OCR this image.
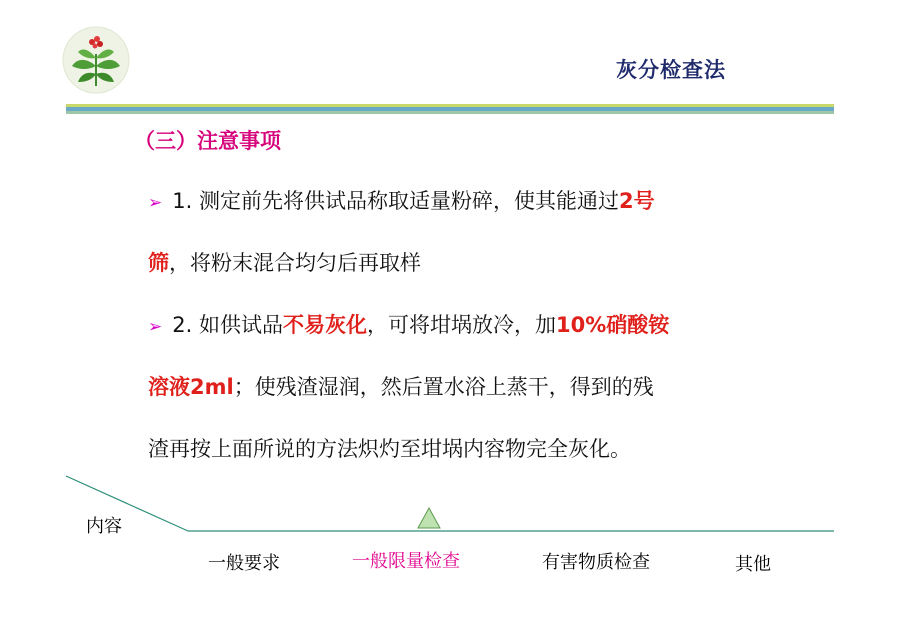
灰分检查法
（三）注意事项
➢ 1. 测定前先将供试品称取适量粉碎，使其能通过2号
筛，将粉末混合均匀后再取样
➢ 2. 如供试品不易灰化，可将坩埚放冷，加10%硝酸铵
溶液2ml；使残渣湿润，然后置水浴上蒸干，得到的残
渣再按上面所说的方法炽灼至坩埚内容物完全灰化。
内容
一般要求	一般限量检查	有害物质检查	其他
